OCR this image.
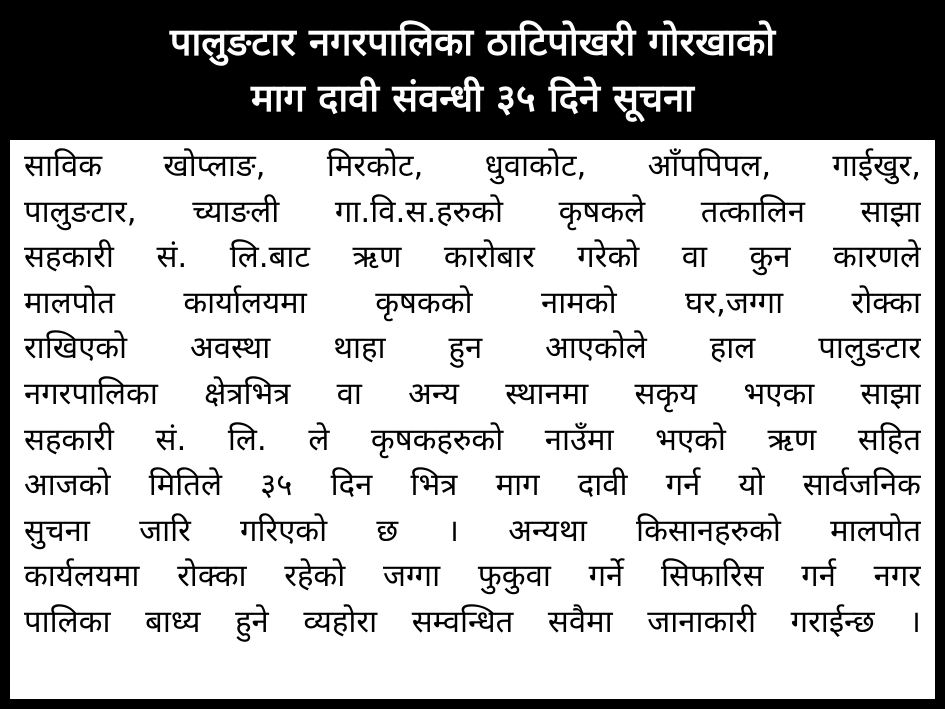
पालुङटार नगरपालिका ठाटिपोखरी गोरखाको
माग दावी संवन्धी ३५ दिने सूचना

साविक खोप्लाङ, मिरकोट, धुवाकोट, आँपपिपल, गाईखुर,
पालुङटार, च्याङली गा.वि.स.हरुको कृषकले तत्कालिन साझा
सहकारी सं. लि.बाट ऋण कारोबार गरेको वा कुन कारणले
मालपोत कार्यालयमा कृषकको नामको घर,जग्गा रोक्का
राखिएको अवस्था थाहा हुन आएकोले हाल पालुङटार
नगरपालिका क्षेत्रभित्र वा अन्य स्थानमा सकृय भएका साझा
सहकारी सं. लि. ले कृषकहरुको नाउँमा भएको ऋण सहित
आजको मितिले ३५ दिन भित्र माग दावी गर्न यो सार्वजनिक
सुचना जारि गरिएको छ । अन्यथा किसानहरुको मालपोत
कार्यलयमा रोक्का रहेको जग्गा फुकुवा गर्ने सिफारिस गर्न नगर
पालिका बाध्य हुने व्यहोरा सम्वन्धित सवैमा जानाकारी गराईन्छ ।
